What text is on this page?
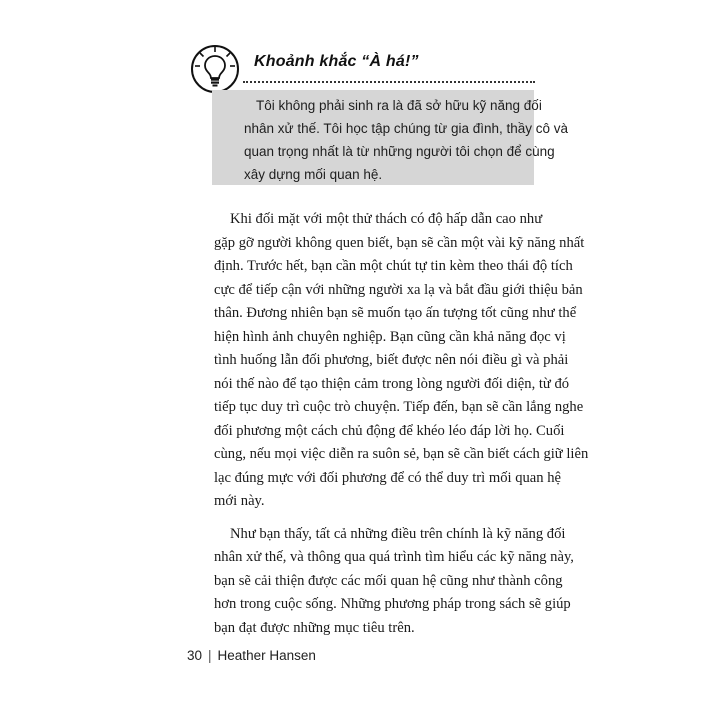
Khoảnh khắc “À há!”

Tôi không phải sinh ra là đã sở hữu kỹ năng đối
nhân xử thế. Tôi học tập chúng từ gia đình, thầy cô và
quan trọng nhất là từ những người tôi chọn để cùng
xây dựng mối quan hệ.

Khi đối mặt với một thử thách có độ hấp dẫn cao như
gặp gỡ người không quen biết, bạn sẽ cần một vài kỹ năng nhất
định. Trước hết, bạn cần một chút tự tin kèm theo thái độ tích
cực để tiếp cận với những người xa lạ và bắt đầu giới thiệu bản
thân. Đương nhiên bạn sẽ muốn tạo ấn tượng tốt cũng như thể
hiện hình ảnh chuyên nghiệp. Bạn cũng cần khả năng đọc vị
tình huống lẫn đối phương, biết được nên nói điều gì và phải
nói thế nào để tạo thiện cảm trong lòng người đối diện, từ đó
tiếp tục duy trì cuộc trò chuyện. Tiếp đến, bạn sẽ cần lắng nghe
đối phương một cách chủ động để khéo léo đáp lời họ. Cuối
cùng, nếu mọi việc diễn ra suôn sẻ, bạn sẽ cần biết cách giữ liên
lạc đúng mực với đối phương để có thể duy trì mối quan hệ
mới này.
Như bạn thấy, tất cả những điều trên chính là kỹ năng đối
nhân xử thế, và thông qua quá trình tìm hiểu các kỹ năng này,
bạn sẽ cải thiện được các mối quan hệ cũng như thành công
hơn trong cuộc sống. Những phương pháp trong sách sẽ giúp
bạn đạt được những mục tiêu trên.
30 | Heather Hansen
